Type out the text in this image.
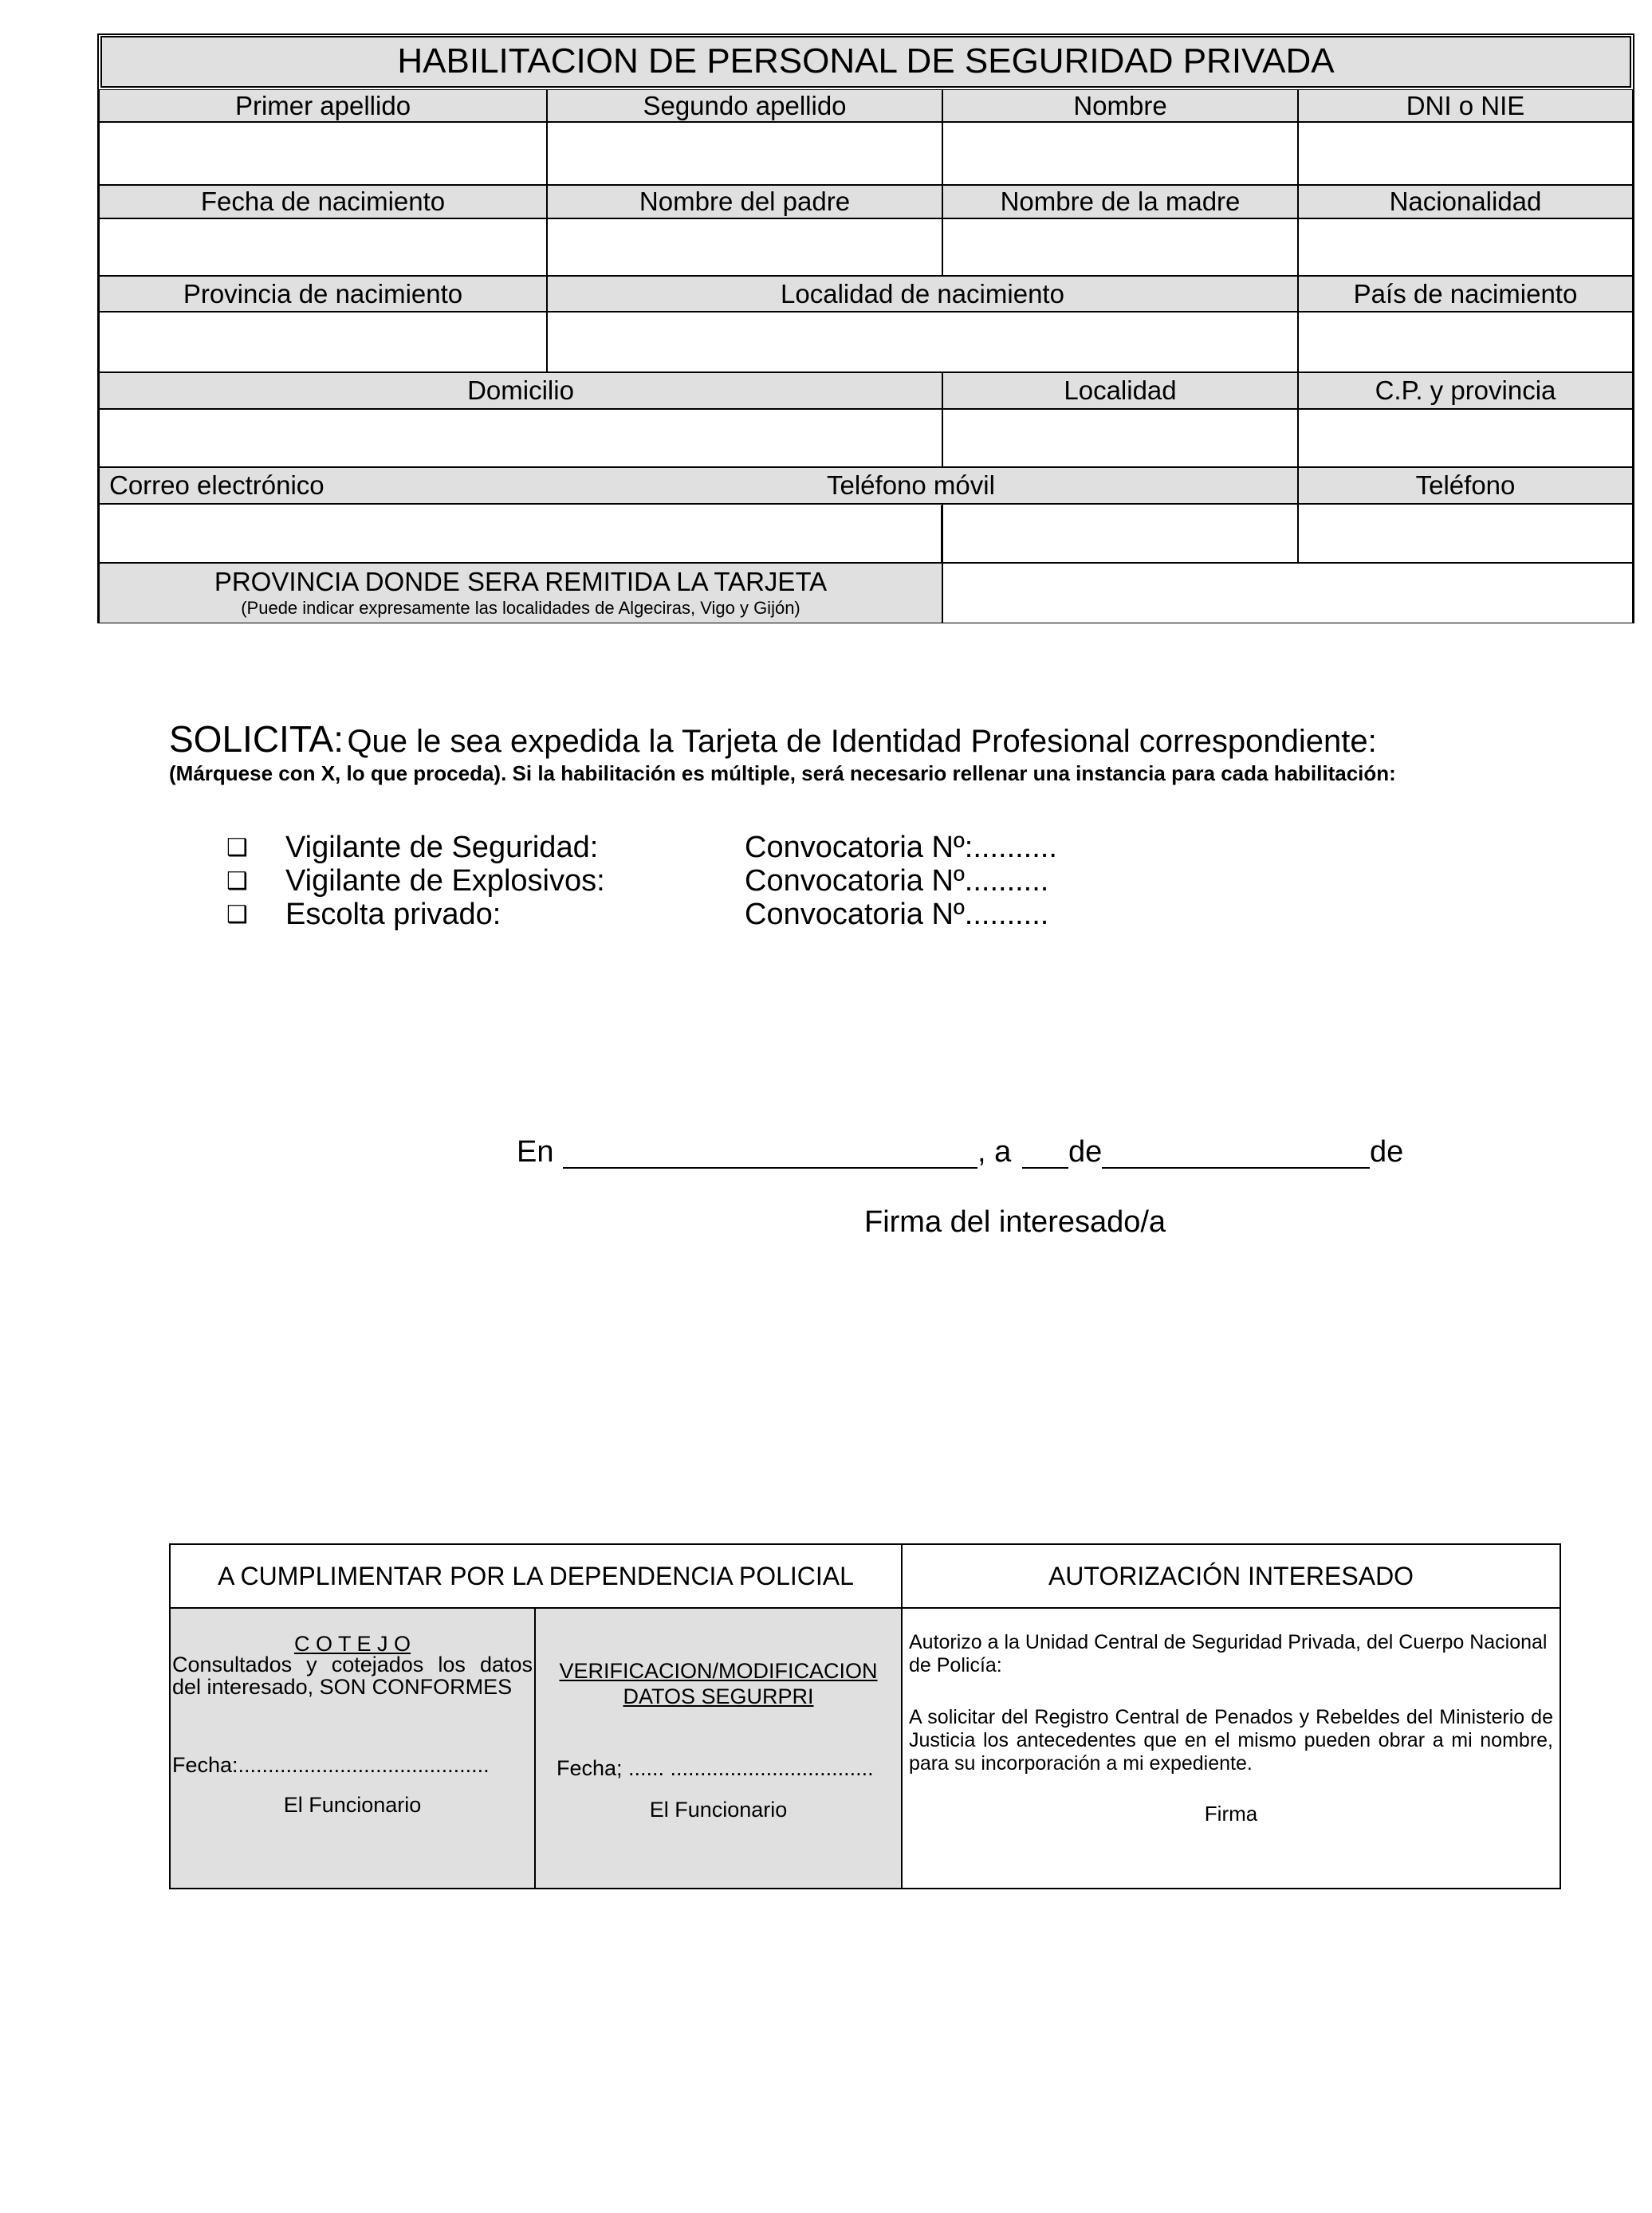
HABILITACION DE PERSONAL DE SEGURIDAD PRIVADA
Primer apellido	Segundo apellido	Nombre	DNI o NIE
Fecha de nacimiento	Nombre del padre	Nombre de la madre	Nacionalidad
Provincia de nacimiento	Localidad de nacimiento	País de nacimiento
Domicilio	Localidad	C.P. y provincia
Correo electrónico	Teléfono móvil	Teléfono
PROVINCIA DONDE SERA REMITIDA LA TARJETA
(Puede indicar expresamente las localidades de Algeciras, Vigo y Gijón)
SOLICITA: Que le sea expedida la Tarjeta de Identidad Profesional correspondiente:
(Márquese con X, lo que proceda). Si la habilitación es múltiple, será necesario rellenar una instancia para cada habilitación:
❑ Vigilante de Seguridad:	Convocatoria Nº:..........
❑ Vigilante de Explosivos:	Convocatoria Nº..........
❑ Escolta privado:	Convocatoria Nº..........
En	, a de	de
Firma del interesado/a
A CUMPLIMENTAR POR LA DEPENDENCIA POLICIAL	AUTORIZACIÓN INTERESADO
C O T E J O
Consultados y cotejados los datos
del interesado, SON CONFORMES
Fecha:..........................................
El Funcionario
VERIFICACION/MODIFICACION
DATOS SEGURPRI
Fecha; ...... ..................................
El Funcionario
Autorizo a la Unidad Central de Seguridad Privada, del Cuerpo Nacional de Policía:
A solicitar del Registro Central de Penados y Rebeldes del Ministerio de Justicia los antecedentes que en el mismo pueden obrar a mi nombre, para su incorporación a mi expediente.
Firma
